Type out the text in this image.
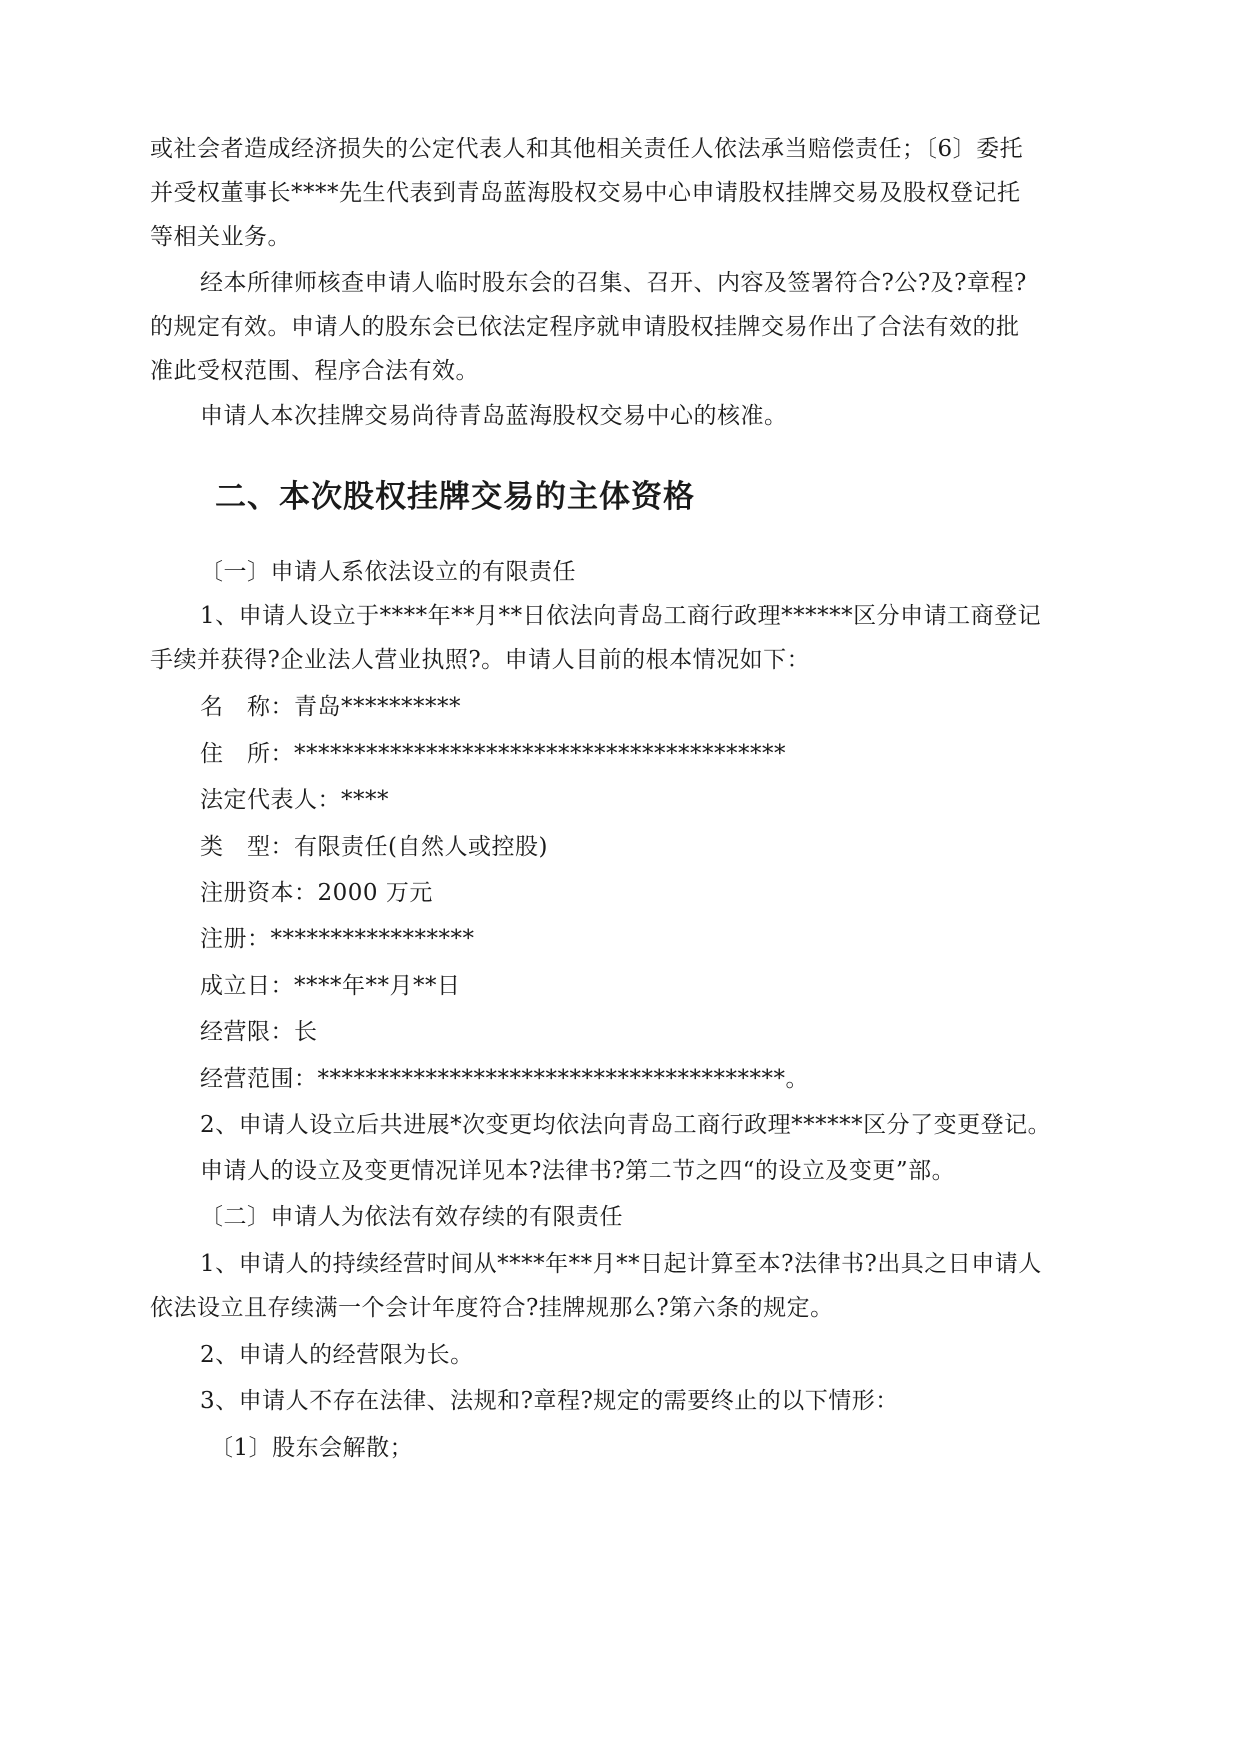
或社会者造成经济损失的公定代表人和其他相关责任人依法承当赔偿责任；〔6〕委托
并受权董事长****先生代表到青岛蓝海股权交易中心申请股权挂牌交易及股权登记托
等相关业务。
经本所律师核查申请人临时股东会的召集、召开、内容及签署符合?公?及?章程?
的规定有效。申请人的股东会已依法定程序就申请股权挂牌交易作出了合法有效的批
准此受权范围、程序合法有效。
申请人本次挂牌交易尚待青岛蓝海股权交易中心的核准。
二、本次股权挂牌交易的主体资格
〔一〕申请人系依法设立的有限责任
1、申请人设立于****年**月**日依法向青岛工商行政理******区分申请工商登记
手续并获得?企业法人营业执照?。申请人目前的根本情况如下：
名　称：青岛**********
住　所：*****************************************
法定代表人：****
类　型：有限责任(自然人或控股)
注册资本：2000 万元
注册：*****************
成立日：****年**月**日
经营限：长
经营范围：***************************************。
2、申请人设立后共进展*次变更均依法向青岛工商行政理******区分了变更登记。
申请人的设立及变更情况详见本?法律书?第二节之四“的设立及变更”部。
〔二〕申请人为依法有效存续的有限责任
1、申请人的持续经营时间从****年**月**日起计算至本?法律书?出具之日申请人
依法设立且存续满一个会计年度符合?挂牌规那么?第六条的规定。
2、申请人的经营限为长。
3、申请人不存在法律、法规和?章程?规定的需要终止的以下情形：
〔1〕股东会解散；
